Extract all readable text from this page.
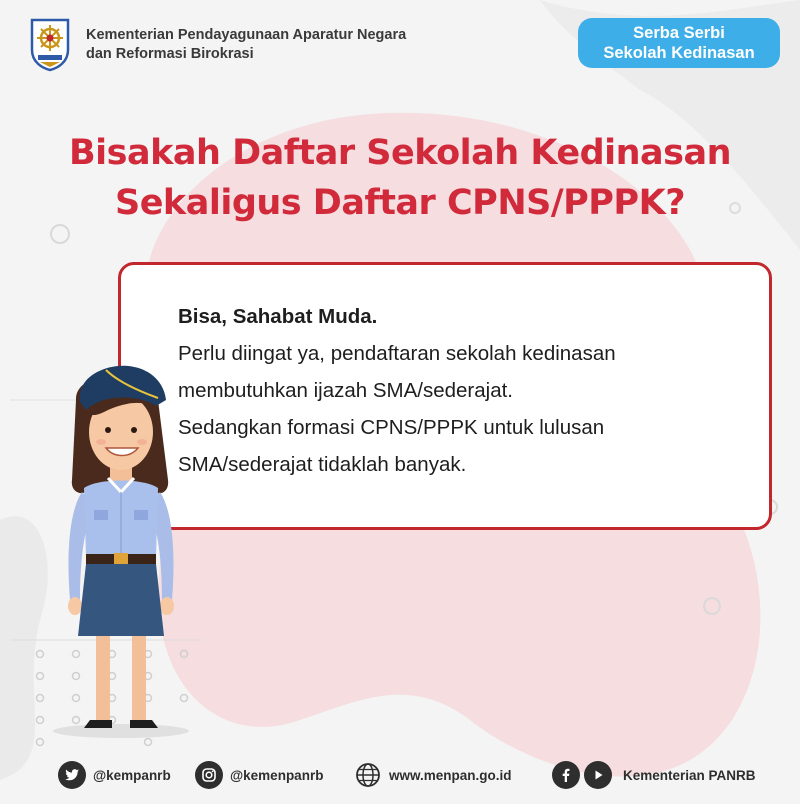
Kementerian Pendayagunaan Aparatur Negara
dan Reformasi Birokrasi
Serba Serbi
Sekolah Kedinasan
Bisakah Daftar Sekolah Kedinasan
Sekaligus Daftar CPNS/PPPK?
Bisa, Sahabat Muda.
Perlu diingat ya, pendaftaran sekolah kedinasan
membutuhkan ijazah SMA/sederajat.
Sedangkan formasi CPNS/PPPK untuk lulusan
SMA/sederajat tidaklah banyak.
@kempanrb	@kemenpanrb	www.menpan.go.id	Kementerian PANRB
